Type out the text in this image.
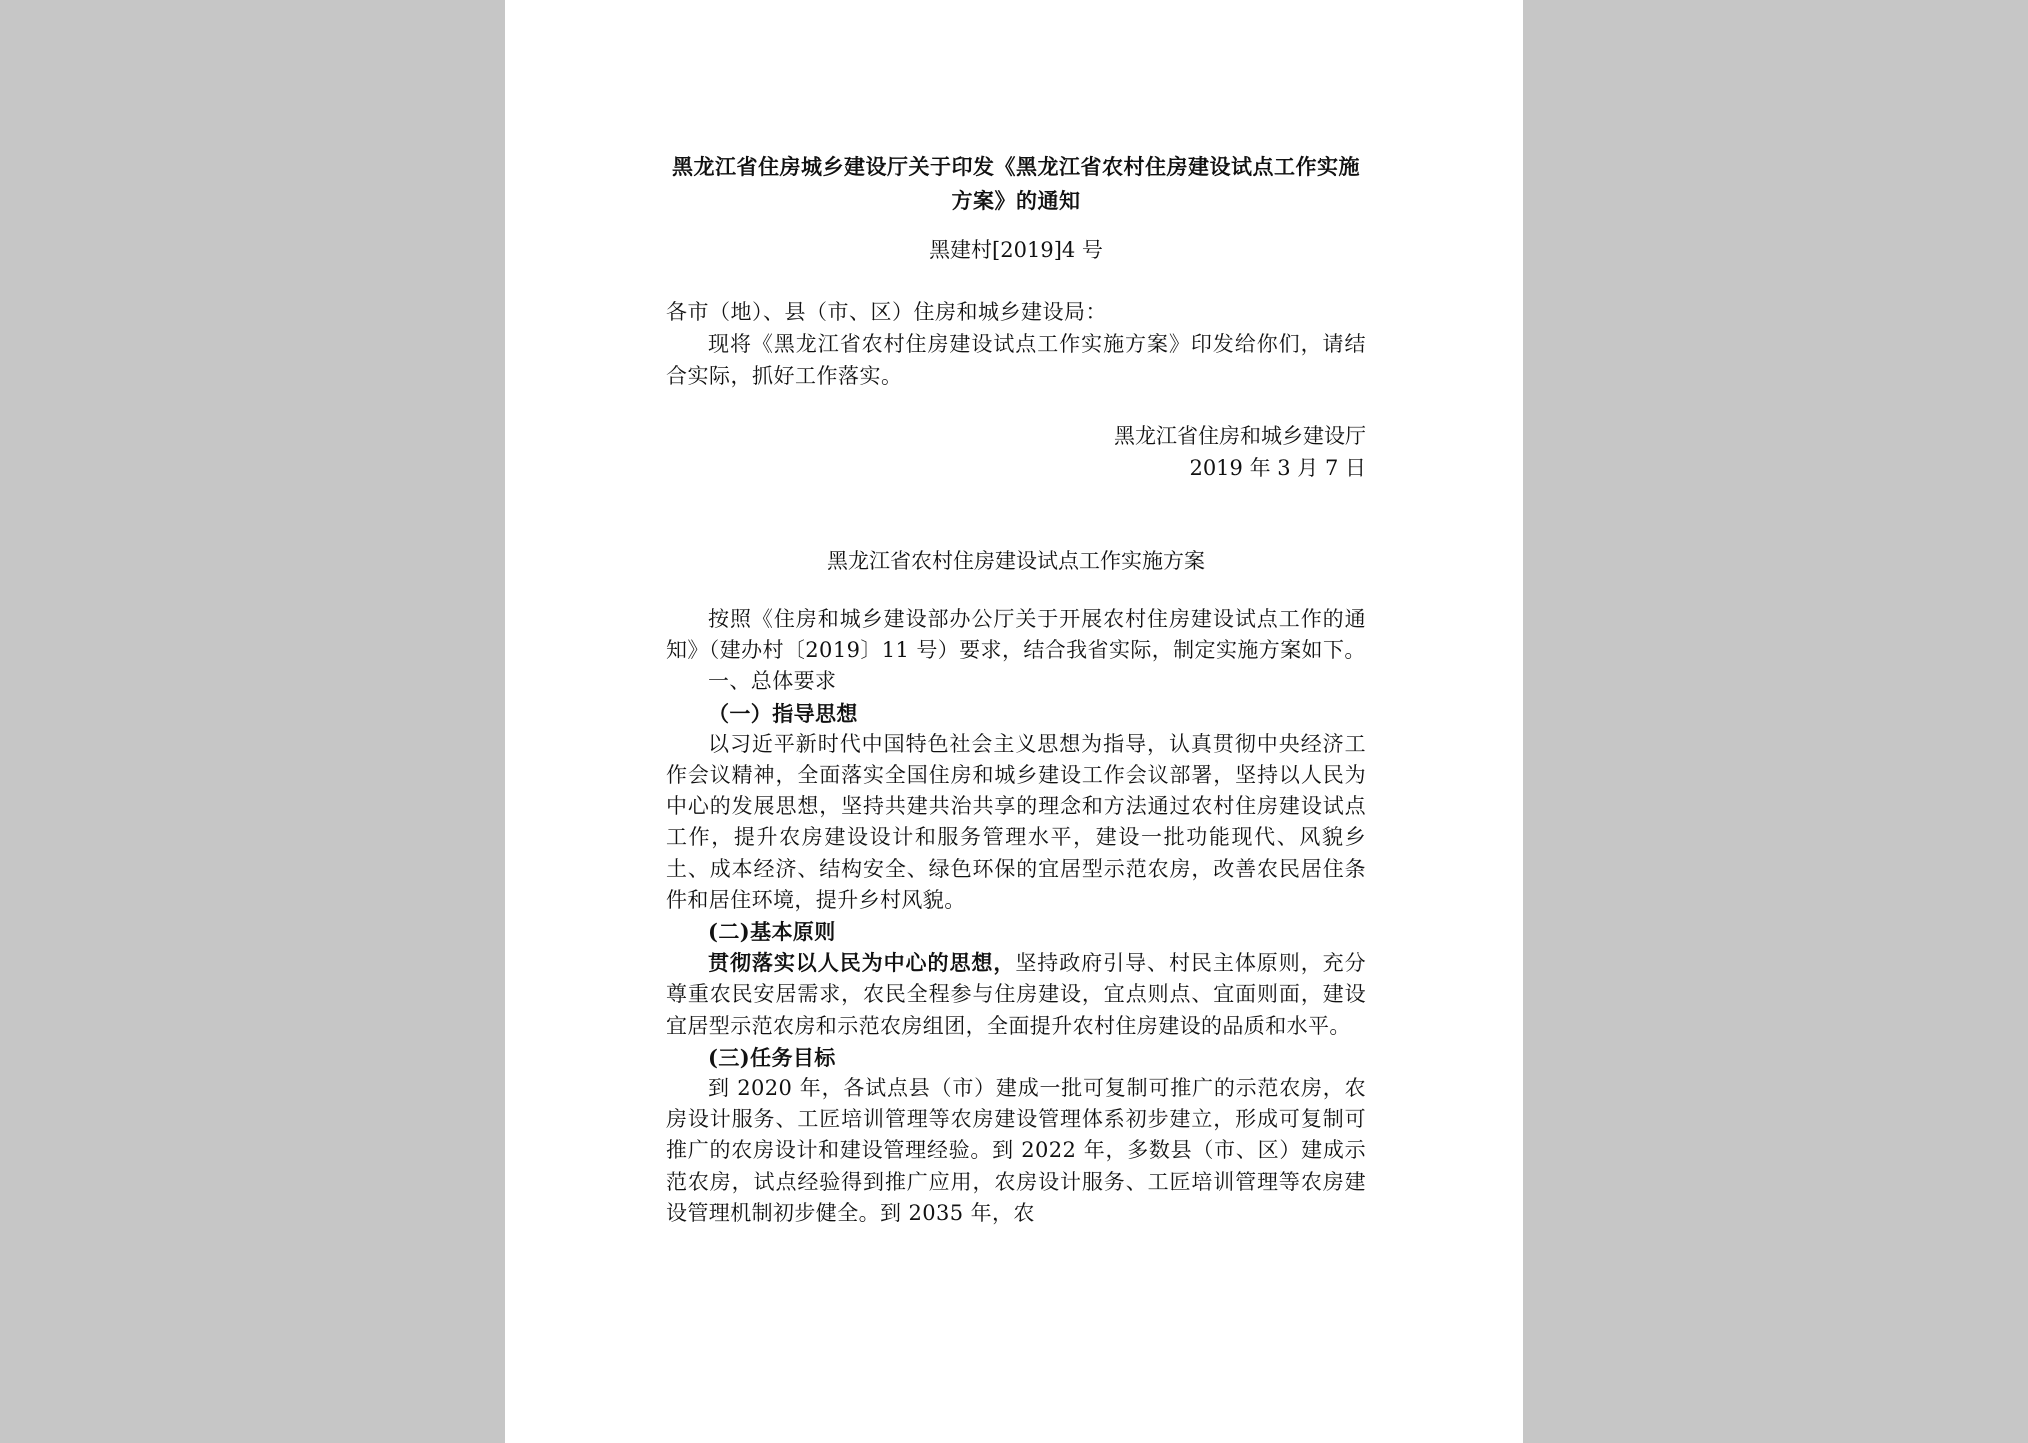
黑龙江省住房城乡建设厅关于印发《黑龙江省农村住房建设试点工作实施方案》的通知
黑建村[2019]4 号
各市（地）、县（市、区）住房和城乡建设局：
现将《黑龙江省农村住房建设试点工作实施方案》印发给你们，请结合实际，抓好工作落实。
黑龙江省住房和城乡建设厅
2019 年 3 月 7 日
黑龙江省农村住房建设试点工作实施方案

按照《住房和城乡建设部办公厅关于开展农村住房建设试点工作的通知》（建办村〔2019〕11 号）要求，结合我省实际，制定实施方案如下。

一、总体要求

（一）指导思想

以习近平新时代中国特色社会主义思想为指导，认真贯彻中央经济工作会议精神，全面落实全国住房和城乡建设工作会议部署，坚持以人民为中心的发展思想，坚持共建共治共享的理念和方法通过农村住房建设试点工作，提升农房建设设计和服务管理水平，建设一批功能现代、风貌乡土、成本经济、结构安全、绿色环保的宜居型示范农房，改善农民居住条件和居住环境，提升乡村风貌。

(二)基本原则

贯彻落实以人民为中心的思想，坚持政府引导、村民主体原则，充分尊重农民安居需求，农民全程参与住房建设，宜点则点、宜面则面，建设宜居型示范农房和示范农房组团，全面提升农村住房建设的品质和水平。

(三)任务目标

到 2020 年，各试点县（市）建成一批可复制可推广的示范农房，农房设计服务、工匠培训管理等农房建设管理体系初步建立，形成可复制可推广的农房设计和建设管理经验。到 2022 年，多数县（市、区）建成示范农房，试点经验得到推广应用，农房设计服务、工匠培训管理等农房建设管理机制初步健全。到 2035 年，农
